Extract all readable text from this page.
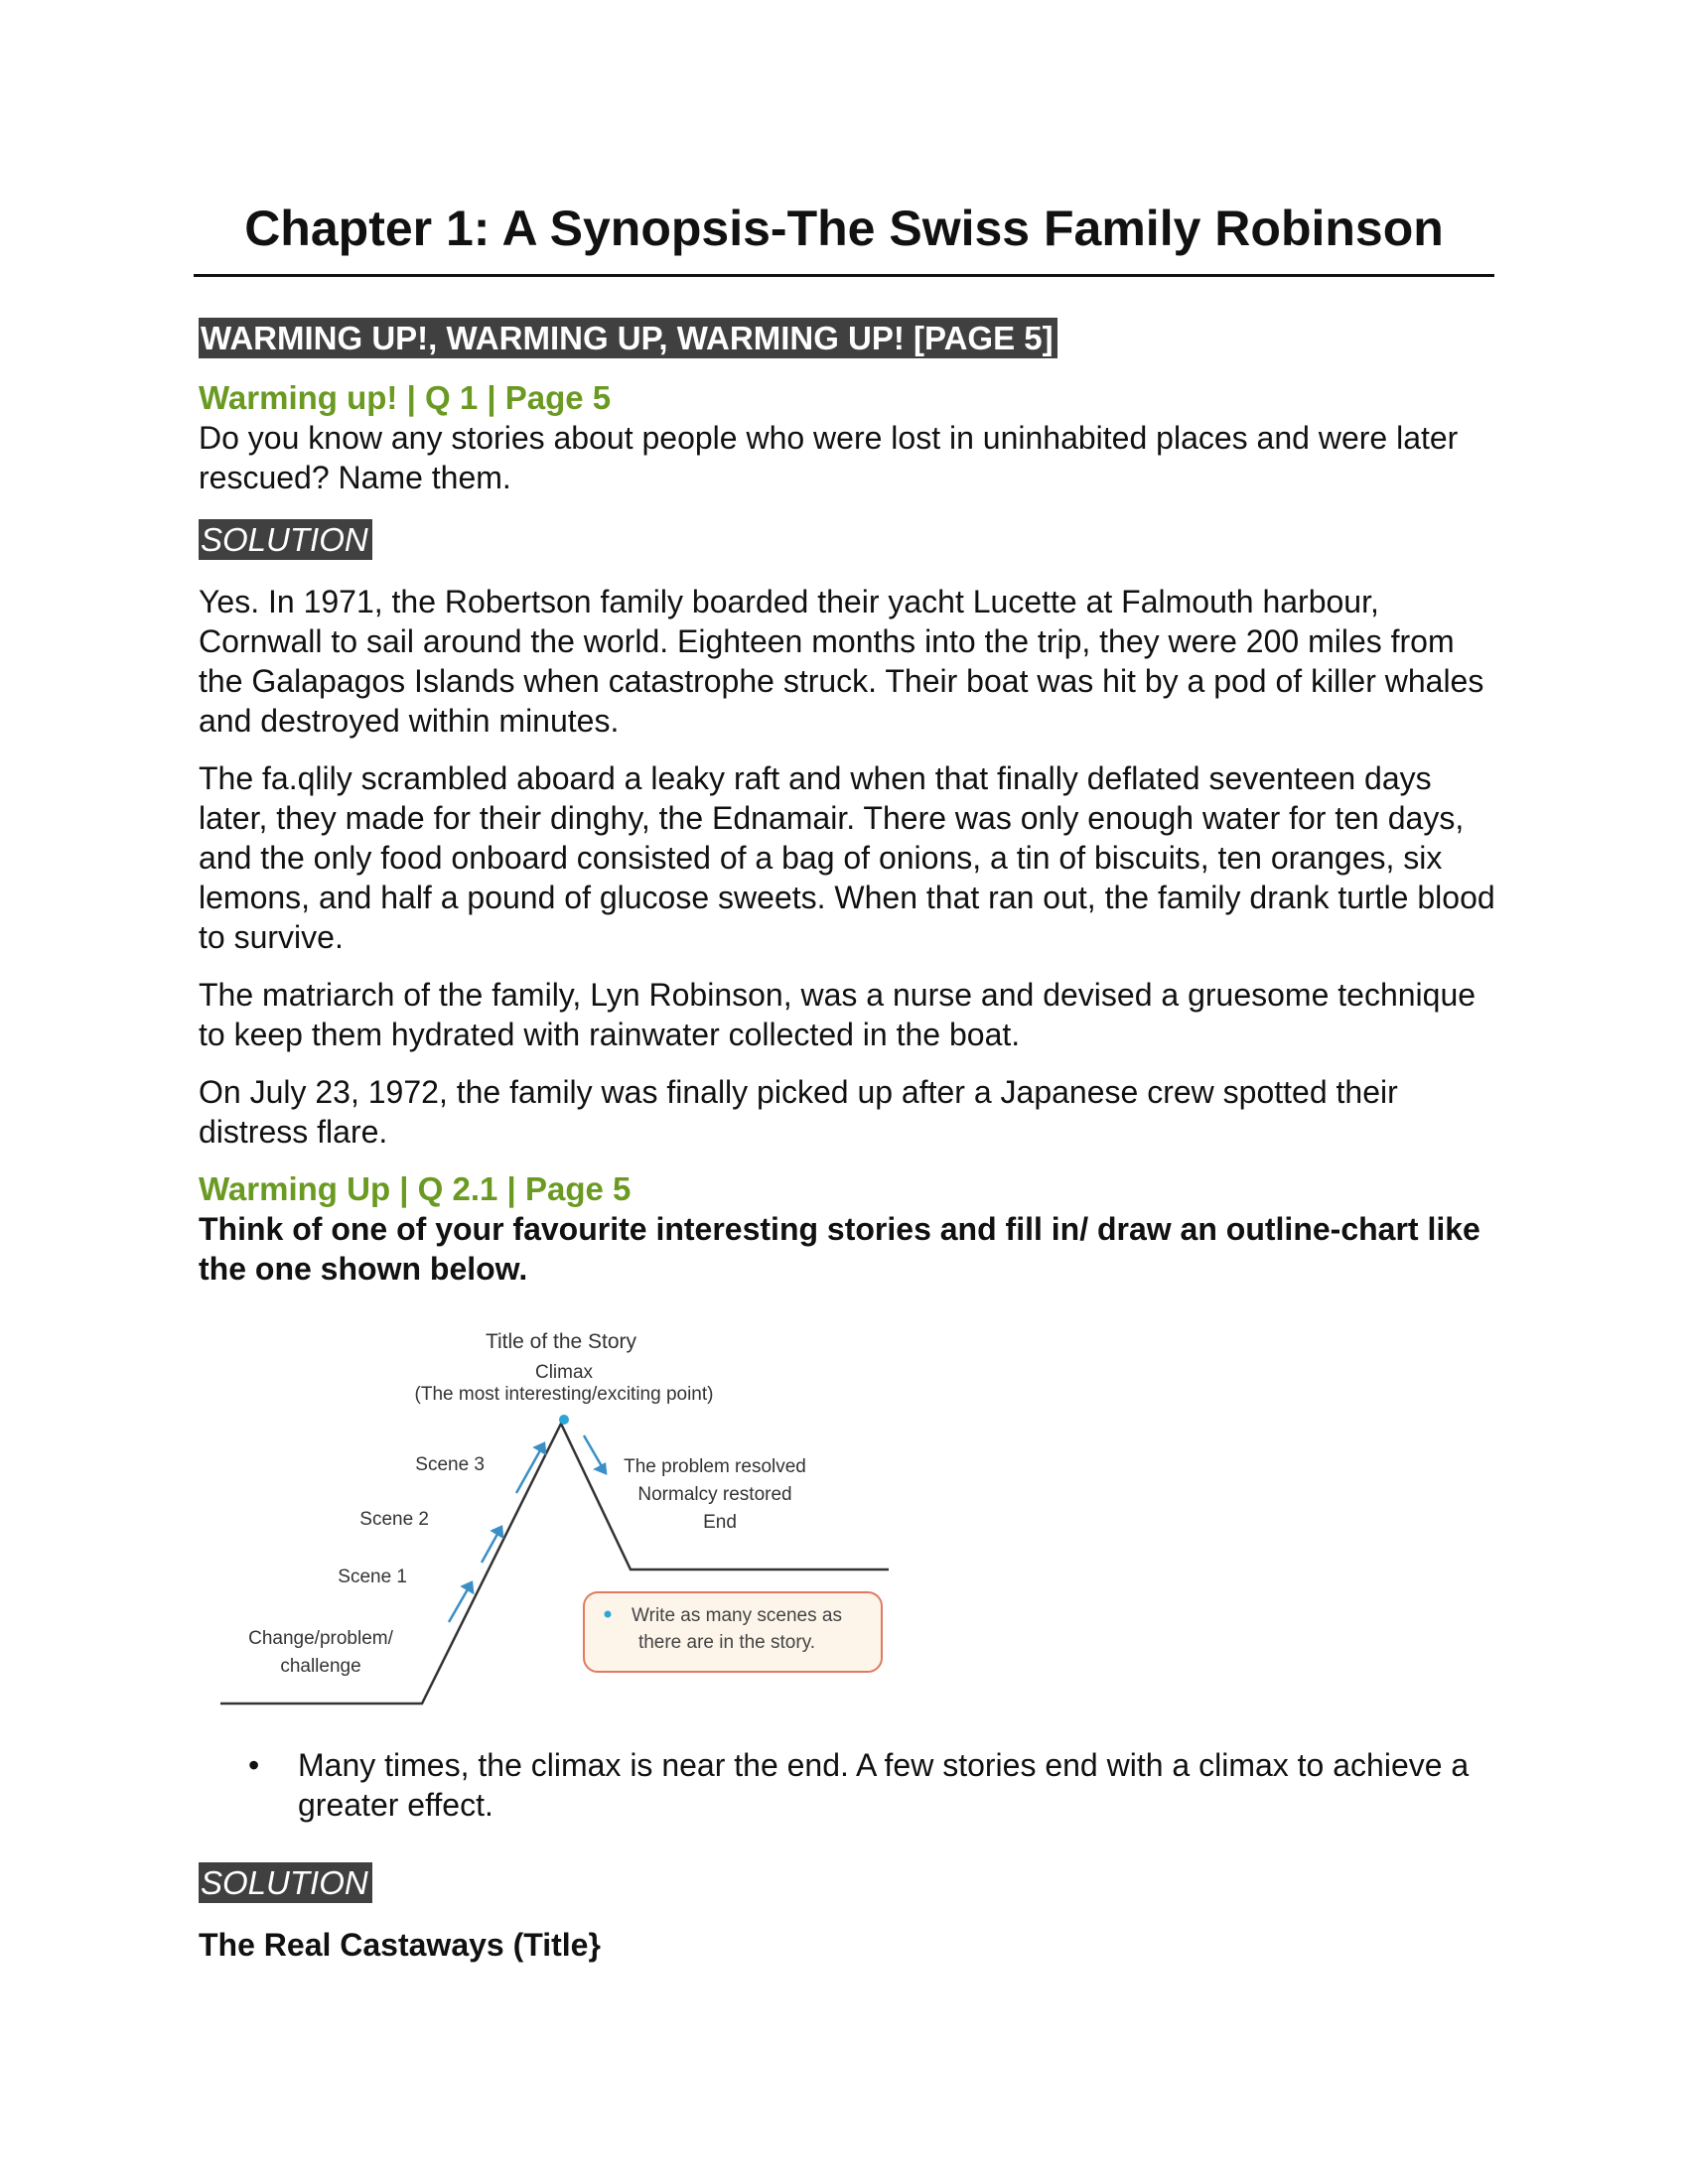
Chapter 1: A Synopsis-The Swiss Family Robinson
WARMING UP!, WARMING UP, WARMING UP! [PAGE 5]
Warming up! | Q 1 | Page 5

Do you know any stories about people who were lost in uninhabited places and were later rescued? Name them.

SOLUTION

Yes. In 1971, the Robertson family boarded their yacht Lucette at Falmouth harbour, Cornwall to sail around the world. Eighteen months into the trip, they were 200 miles from the Galapagos Islands when catastrophe struck. Their boat was hit by a pod of killer whales and destroyed within minutes.

The fa.qlily scrambled aboard a leaky raft and when that finally deflated seventeen days later, they made for their dinghy, the Ednamair. There was only enough water for ten days, and the only food onboard consisted of a bag of onions, a tin of biscuits, ten oranges, six lemons, and half a pound of glucose sweets. When that ran out, the family drank turtle blood to survive.

The matriarch of the family, Lyn Robinson, was a nurse and devised a gruesome technique to keep them hydrated with rainwater collected in the boat.

On July 23, 1972, the family was finally picked up after a Japanese crew spotted their distress flare.

Warming Up | Q 2.1 | Page 5

Think of one of your favourite interesting stories and fill in/ draw an outline-chart like the one shown below.

Title of the Story
Climax
(The most interesting/exciting point)
Scene 3
Scene 2
Scene 1
Change/problem/
challenge
The problem resolved
Normalcy restored
End
Write as many scenes as
there are in the story.
• Many times, the climax is near the end. A few stories end with a climax to achieve a greater effect.
SOLUTION

The Real Castaways (Title}
